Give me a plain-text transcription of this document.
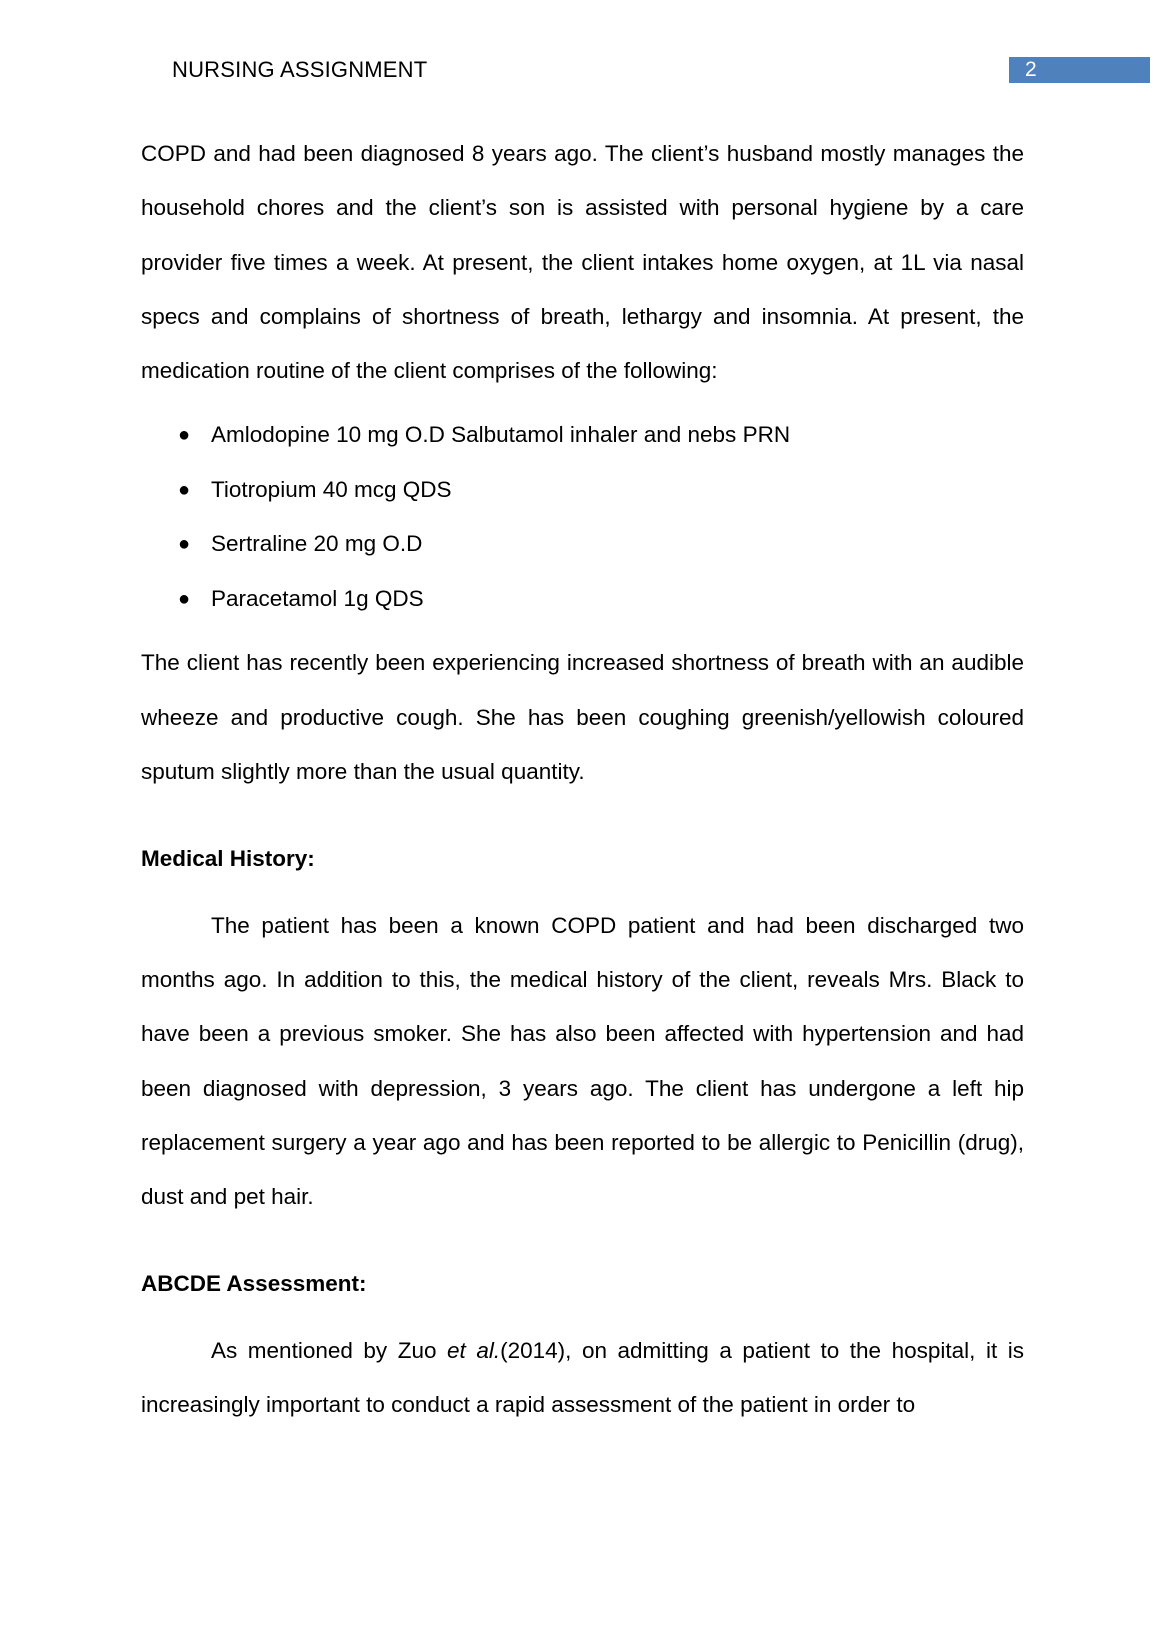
NURSING ASSIGNMENT	2

COPD and had been diagnosed 8 years ago. The client’s husband mostly manages the household chores and the client’s son is assisted with personal hygiene by a care provider five times a week. At present, the client intakes home oxygen, at 1L via nasal specs and complains of shortness of breath, lethargy and insomnia. At present, the medication routine of the client comprises of the following:

● Amlodopine 10 mg O.D Salbutamol inhaler and nebs PRN
● Tiotropium 40 mcg QDS
● Sertraline 20 mg O.D
● Paracetamol 1g QDS

The client has recently been experiencing increased shortness of breath with an audible wheeze and productive cough. She has been coughing greenish/yellowish coloured sputum slightly more than the usual quantity.

Medical History:

The patient has been a known COPD patient and had been discharged two months ago. In addition to this, the medical history of the client, reveals Mrs. Black to have been a previous smoker. She has also been affected with hypertension and had been diagnosed with depression, 3 years ago. The client has undergone a left hip replacement surgery a year ago and has been reported to be allergic to Penicillin (drug), dust and pet hair.

ABCDE Assessment:

As mentioned by Zuo et al.(2014), on admitting a patient to the hospital, it is increasingly important to conduct a rapid assessment of the patient in order to
